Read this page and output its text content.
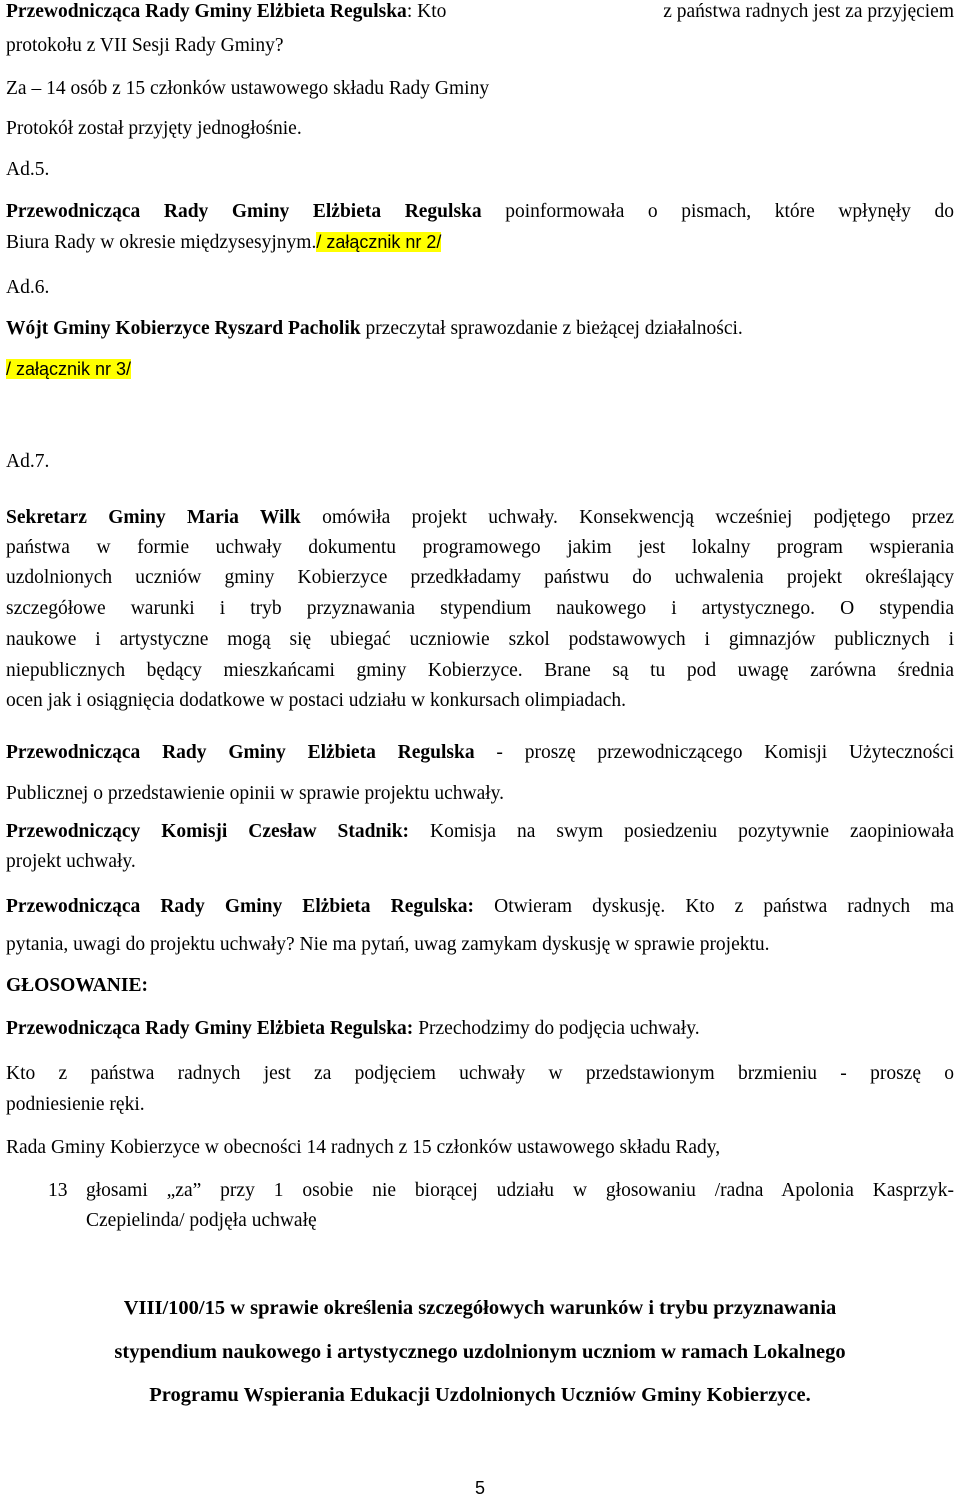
Przewodnicząca Rady Gminy Elżbieta Regulska: Kto	z państwa radnych jest za przyjęciem
protokołu z VII Sesji Rady Gminy?
Za – 14 osób z 15 członków ustawowego składu Rady Gminy
Protokół został przyjęty jednogłośnie.
Ad.5.
Przewodnicząca Rady Gminy Elżbieta Regulska poinformowała o pismach, które wpłynęły do
Biura Rady w okresie międzysesyjnym./ załącznik nr 2/
Ad.6.
Wójt Gminy Kobierzyce Ryszard Pacholik przeczytał sprawozdanie z bieżącej działalności.
/ załącznik nr 3/
Ad.7.
Sekretarz Gminy Maria Wilk omówiła projekt uchwały. Konsekwencją wcześniej podjętego przez
państwa w formie uchwały dokumentu programowego jakim jest lokalny program wspierania
uzdolnionych uczniów gminy Kobierzyce przedkładamy państwu do uchwalenia projekt określający
szczegółowe warunki i tryb przyznawania stypendium naukowego i artystycznego. O stypendia
naukowe i artystyczne mogą się ubiegać uczniowie szkol podstawowych i gimnazjów publicznych i
niepublicznych będący mieszkańcami gminy Kobierzyce. Brane są tu pod uwagę zarówna średnia
ocen jak i osiągnięcia dodatkowe w postaci udziału w konkursach olimpiadach.
Przewodnicząca Rady Gminy Elżbieta Regulska - proszę przewodniczącego Komisji Użyteczności
Publicznej o przedstawienie opinii w sprawie projektu uchwały.
Przewodniczący Komisji Czesław Stadnik: Komisja na swym posiedzeniu pozytywnie zaopiniowała
projekt uchwały.
Przewodnicząca Rady Gminy Elżbieta Regulska: Otwieram dyskusję. Kto z państwa radnych ma
pytania, uwagi do projektu uchwały? Nie ma pytań, uwag zamykam dyskusję w sprawie projektu.
GŁOSOWANIE:
Przewodnicząca Rady Gminy Elżbieta Regulska: Przechodzimy do podjęcia uchwały.
Kto z państwa radnych jest za podjęciem uchwały w przedstawionym brzmieniu - proszę o
podniesienie ręki.
Rada Gminy Kobierzyce w obecności 14 radnych z 15 członków ustawowego składu Rady,
13 głosami „za” przy 1 osobie nie biorącej udziału w głosowaniu /radna Apolonia Kasprzyk-
Czepielinda/ podjęła uchwałę
VIII/100/15 w sprawie określenia szczegółowych warunków i trybu przyznawania
stypendium naukowego i artystycznego uzdolnionym uczniom w ramach Lokalnego
Programu Wspierania Edukacji Uzdolnionych Uczniów Gminy Kobierzyce.
5
